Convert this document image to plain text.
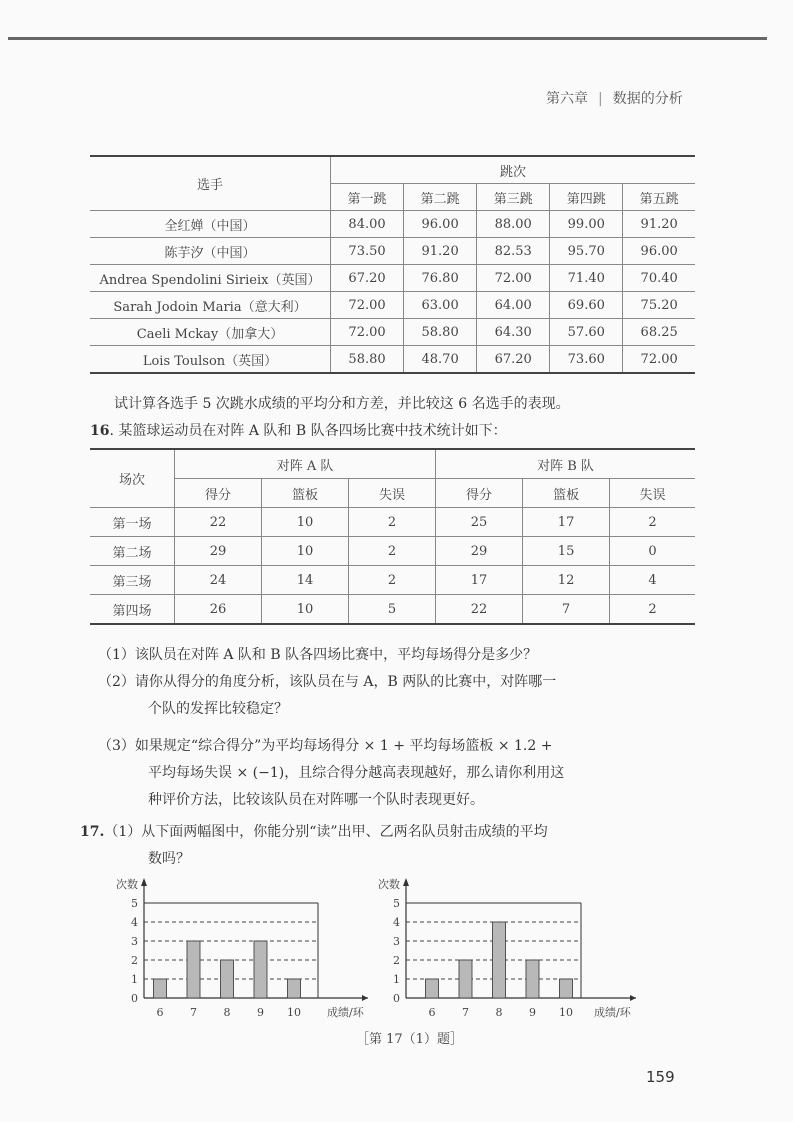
第六章 | 数据的分析
选手	跳次				
	第一跳	第二跳	第三跳	第四跳	第五跳
全红婵（中国）	84.00	96.00	88.00	99.00	91.20
陈芋汐（中国）	73.50	91.20	82.53	95.70	96.00
Andrea Spendolini Sirieix（英国）	67.20	76.80	72.00	71.40	70.40
Sarah Jodoin Maria（意大利）	72.00	63.00	64.00	69.60	75.20
Caeli Mckay（加拿大）	72.00	58.80	64.30	57.60	68.25
Lois Toulson（英国）	58.80	48.70	67.20	73.60	72.00
试计算各选手 5 次跳水成绩的平均分和方差，并比较这 6 名选手的表现。
16. 某篮球运动员在对阵 A 队和 B 队各四场比赛中技术统计如下：
场次	对阵 A 队			对阵 B 队		
	得分	篮板	失误	得分	篮板	失误
第一场	22	10	2	25	17	2
第二场	29	10	2	29	15	0
第三场	24	14	2	17	12	4
第四场	26	10	5	22	7	2
（1）该队员在对阵 A 队和 B 队各四场比赛中，平均每场得分是多少？
（2）请你从得分的角度分析，该队员在与 A，B 两队的比赛中，对阵哪一
个队的发挥比较稳定？
（3）如果规定“综合得分”为平均每场得分 × 1 + 平均每场篮板 × 1.2 +
平均每场失误 × (−1)，且综合得分越高表现越好，那么请你利用这
种评价方法，比较该队员在对阵哪一个队时表现更好。
17.（1）从下面两幅图中，你能分别“读”出甲、乙两名队员射击成绩的平均
数吗？
0
1
2
3
4
5
次数
6 7 8 9 10 成绩/环
0
1
2
3
4
5
次数
6 7 8 9 10 成绩/环
［第 17（1）题］
159
